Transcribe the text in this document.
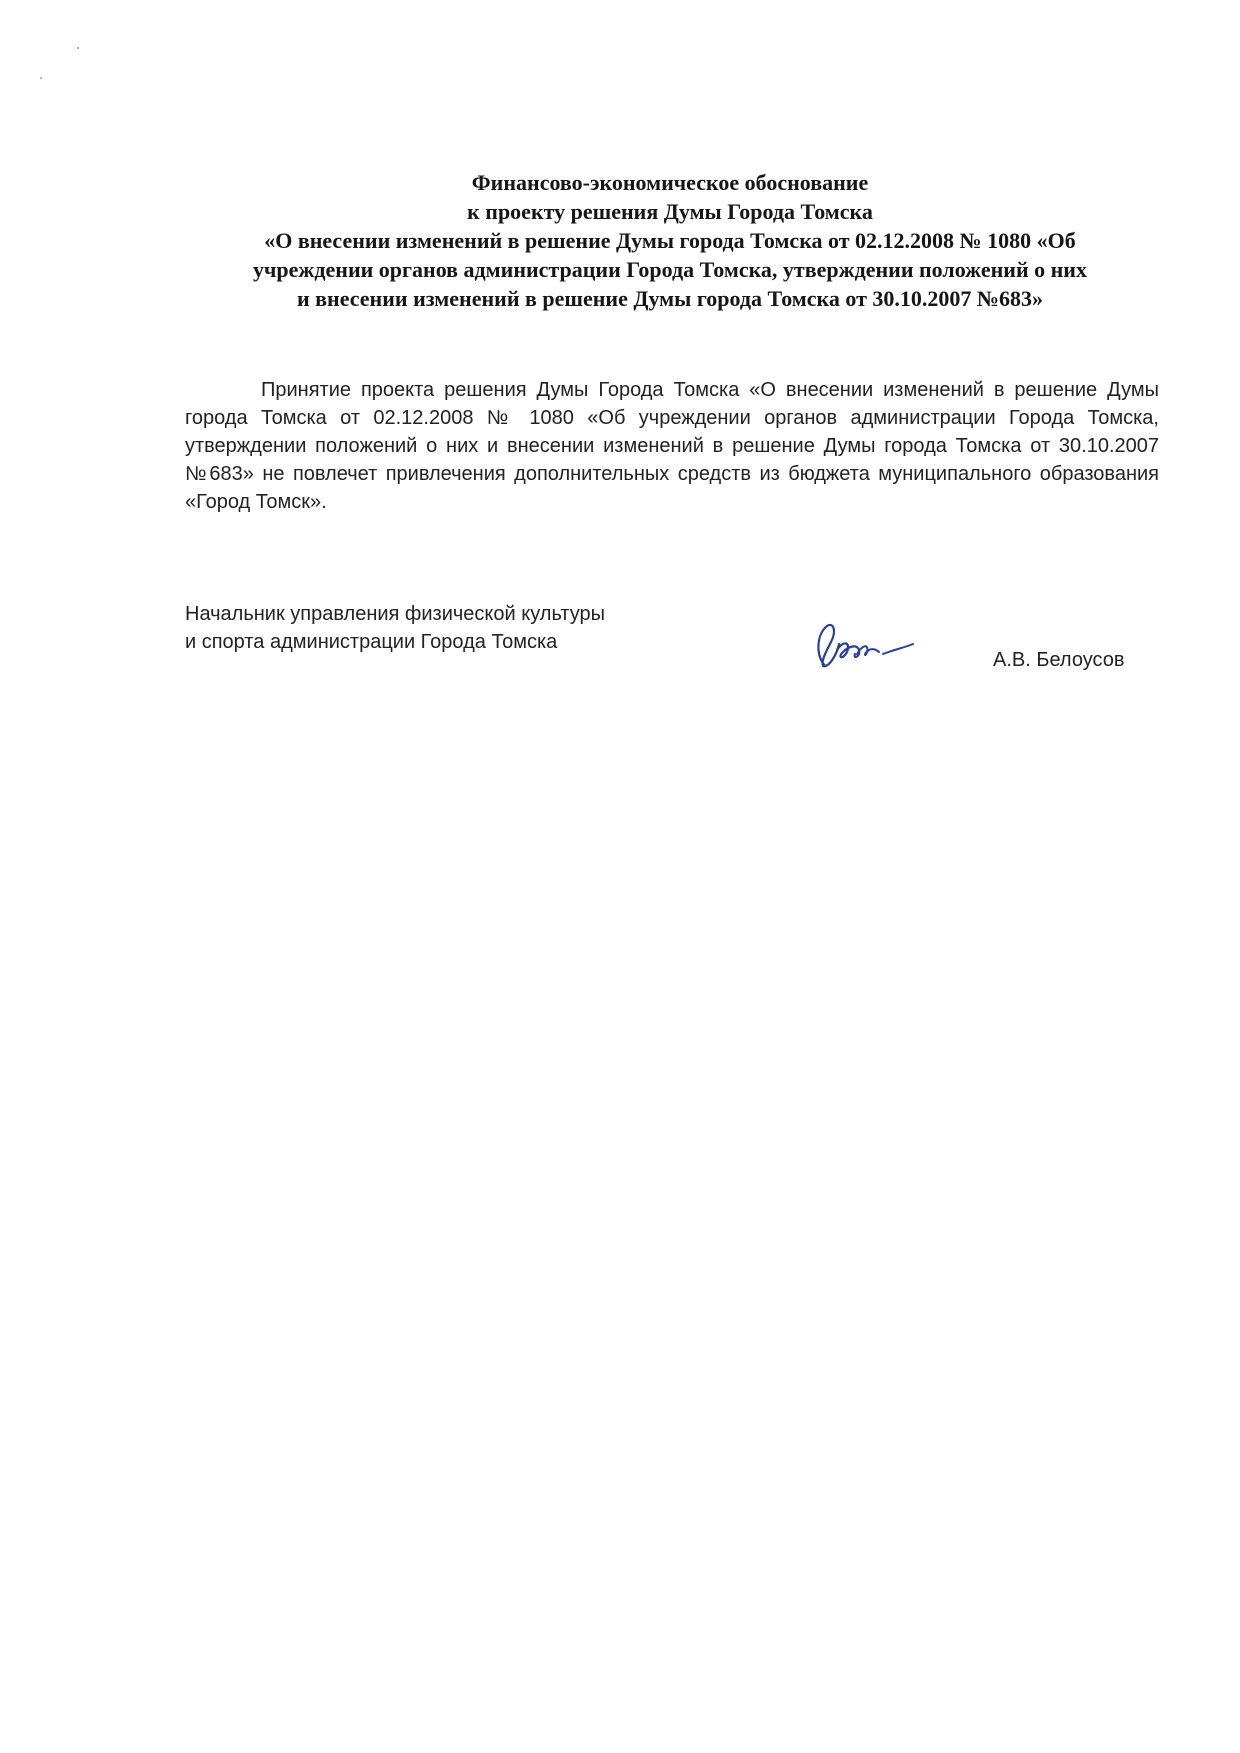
Финансово-экономическое обоснование
к проекту решения Думы Города Томска
«О внесении изменений в решение Думы города Томска от 02.12.2008 № 1080 «Об
учреждении органов администрации Города Томска, утверждении положений о них
и внесении изменений в решение Думы города Томска от 30.10.2007 №683»

Принятие проекта решения Думы Города Томска «О внесении изменений в решение Думы города Томска от 02.12.2008 № 1080 «Об учреждении органов администрации Города Томска, утверждении положений о них и внесении изменений в решение Думы города Томска от 30.10.2007 №683» не повлечет привлечения дополнительных средств из бюджета муниципального образования «Город Томск».

Начальник управления физической культуры
и спорта администрации Города Томска
А.В. Белоусов
